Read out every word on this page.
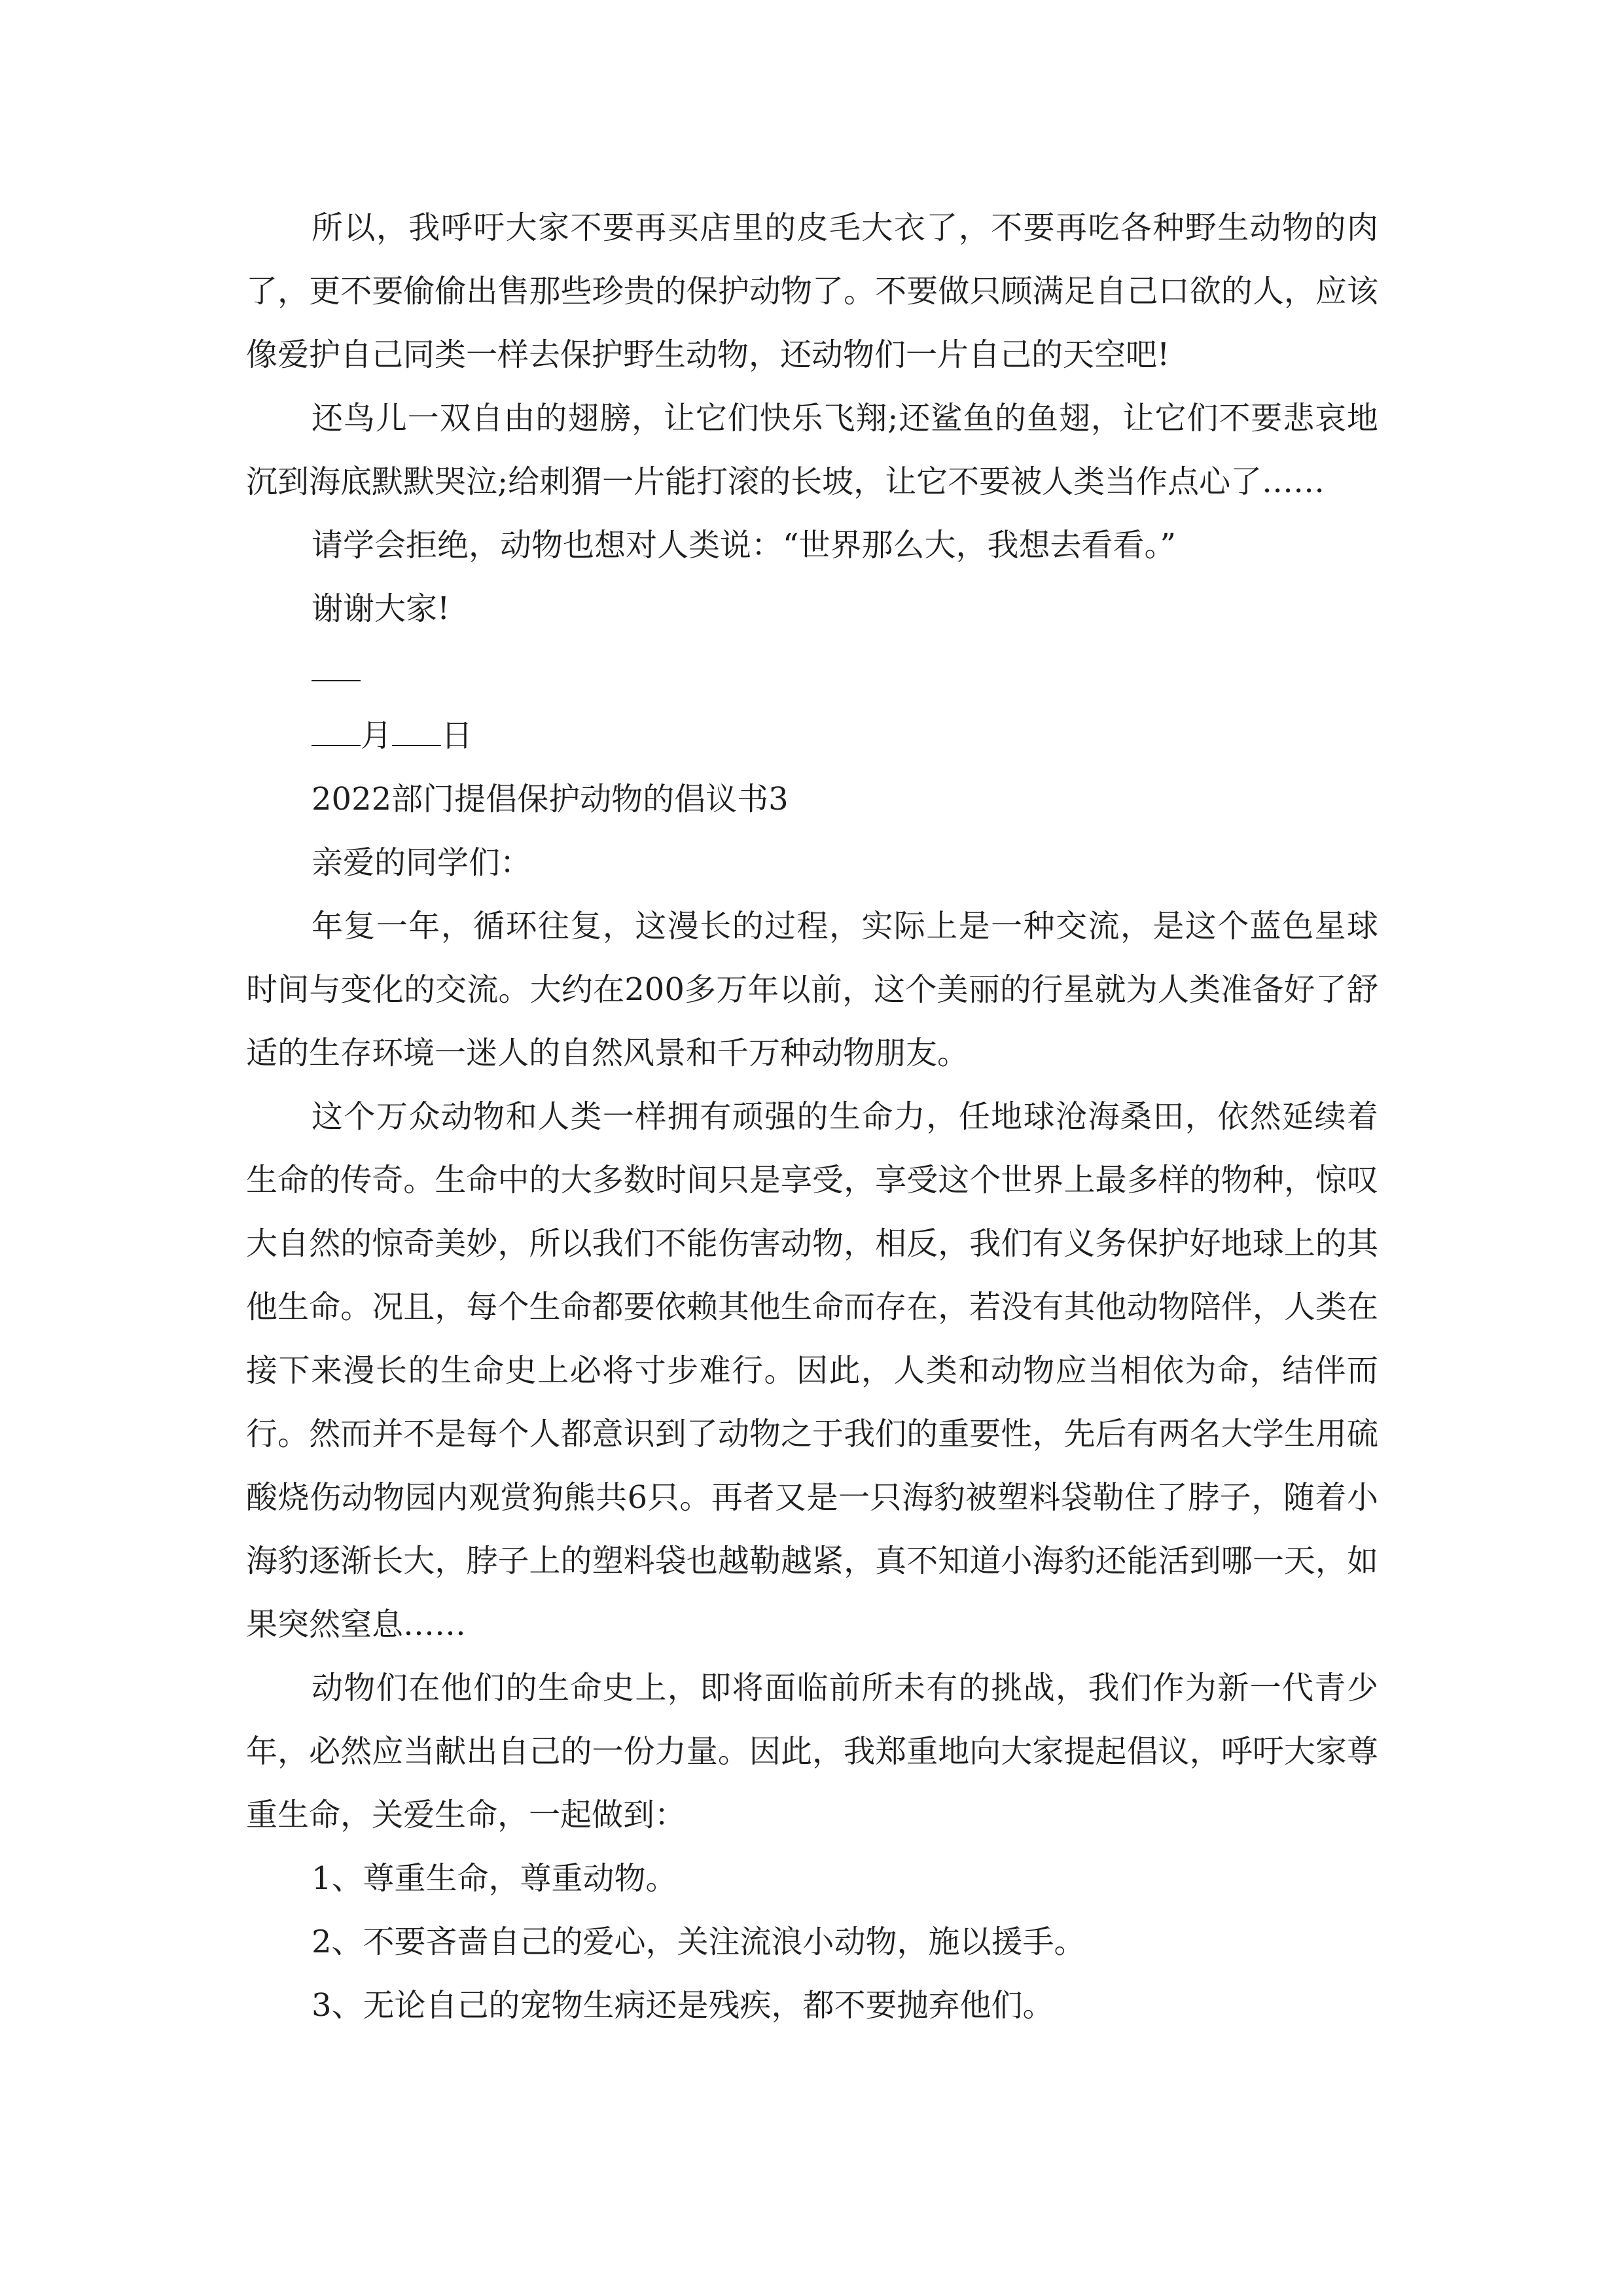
所以，我呼吁大家不要再买店里的皮毛大衣了，不要再吃各种野生动物的肉了，更不要偷偷出售那些珍贵的保护动物了。不要做只顾满足自己口欲的人，应该像爱护自己同类一样去保护野生动物，还动物们一片自己的天空吧!

还鸟儿一双自由的翅膀，让它们快乐飞翔;还鲨鱼的鱼翅，让它们不要悲哀地沉到海底默默哭泣;给刺猬一片能打滚的长坡，让它不要被人类当作点心了……

请学会拒绝，动物也想对人类说：“世界那么大，我想去看看。”

谢谢大家!

月 日

2022部门提倡保护动物的倡议书3

亲爱的同学们：

年复一年，循环往复，这漫长的过程，实际上是一种交流，是这个蓝色星球时间与变化的交流。大约在200多万年以前，这个美丽的行星就为人类准备好了舒适的生存环境一迷人的自然风景和千万种动物朋友。

这个万众动物和人类一样拥有顽强的生命力，任地球沧海桑田，依然延续着生命的传奇。生命中的大多数时间只是享受，享受这个世界上最多样的物种，惊叹大自然的惊奇美妙，所以我们不能伤害动物，相反，我们有义务保护好地球上的其他生命。况且，每个生命都要依赖其他生命而存在，若没有其他动物陪伴，人类在接下来漫长的生命史上必将寸步难行。因此，人类和动物应当相依为命，结伴而行。然而并不是每个人都意识到了动物之于我们的重要性，先后有两名大学生用硫酸烧伤动物园内观赏狗熊共6只。再者又是一只海豹被塑料袋勒住了脖子，随着小海豹逐渐长大，脖子上的塑料袋也越勒越紧，真不知道小海豹还能活到哪一天，如果突然窒息……

动物们在他们的生命史上，即将面临前所未有的挑战，我们作为新一代青少年，必然应当献出自己的一份力量。因此，我郑重地向大家提起倡议，呼吁大家尊重生命，关爱生命，一起做到：

1、尊重生命，尊重动物。

2、不要吝啬自己的爱心，关注流浪小动物，施以援手。

3、无论自己的宠物生病还是残疾，都不要抛弃他们。
